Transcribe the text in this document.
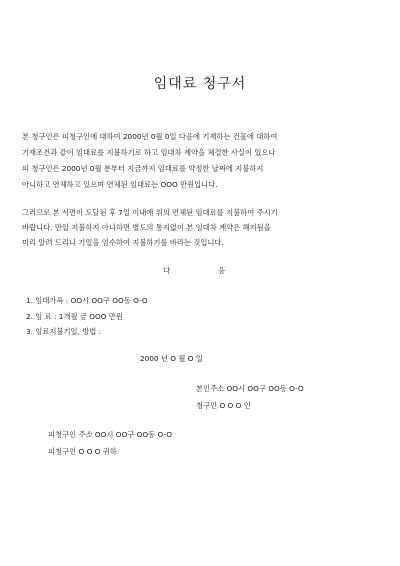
임대료 청구서
본 청구인은 피청구인에 대하여 2000년 0월 0일 다음에 기재하는 건물에 대하여
기재조건과 같이 임대료를 지불하기로 하고 임대차 계약을 체결한 사실이 있으나
피 청구인은 2000년 0월 분부터 지금까지 임대료를 약정한 날짜에 지불하지
아니하고 연체하고 있으며 연체된 임대료는 OOO 만원입니다.
그러므로 본 서면이 도달된 후 7일 이내에 위의 연체된 임대료를 지불하여 주시기
바랍니다. 만일 지불하지 아니하면 별도의 통지없이 본 임대차 계약은 해지됨을
미리 알려 드리니 기일을 엄수하여 지불하기를 바라는 것입니다.
다	음
1. 임대가옥 : OO시 OO구 OO동 O-O
2. 임 료 : 1개월 금 OOO 만원
3. 임료지불기일, 방법 :
2000 년 O 월 O 일
본인주소 OO시 OO구 OO동 O-O
청구인 O O O 인
피청구인 주소 OO시 OO구 OO동 O-O
피청구인 O O O 귀하
